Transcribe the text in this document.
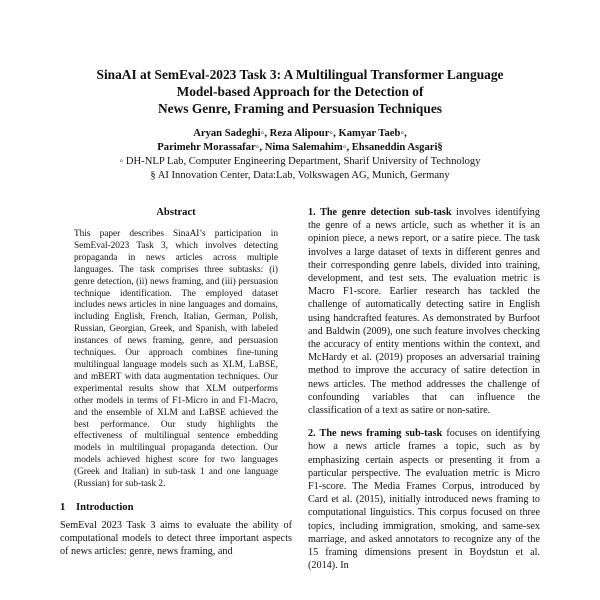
SinaAI at SemEval-2023 Task 3: A Multilingual Transformer Language
Model-based Approach for the Detection of
News Genre, Framing and Persuasion Techniques
Aryan Sadeghi◦, Reza Alipour◦, Kamyar Taeb◦,
Parimehr Morassafar◦, Nima Salemahim◦, Ehsaneddin Asgari§
◦ DH-NLP Lab, Computer Engineering Department, Sharif University of Technology
§ AI Innovation Center, Data:Lab, Volkswagen AG, Munich, Germany
Abstract
This paper describes SinaAI’s participation in SemEval-2023 Task 3, which involves detecting propaganda in news articles across multiple languages. The task comprises three subtasks: (i) genre detection, (ii) news framing, and (iii) persuasion technique identification. The employed dataset includes news articles in nine languages and domains, including English, French, Italian, German, Polish, Russian, Georgian, Greek, and Spanish, with labeled instances of news framing, genre, and persuasion techniques. Our approach combines fine-tuning multilingual language models such as XLM, LaBSE, and mBERT with data augmentation techniques. Our experimental results show that XLM outperforms other models in terms of F1-Micro in and F1-Macro, and the ensemble of XLM and LaBSE achieved the best performance. Our study highlights the effectiveness of multilingual sentence embedding models in multilingual propaganda detection. Our models achieved highest score for two languages (Greek and Italian) in sub-task 1 and one language (Russian) for sub-task 2.
1 Introduction
SemEval 2023 Task 3 aims to evaluate the ability of computational models to detect three important aspects of news articles: genre, news framing, and

1. The genre detection sub-task involves identifying the genre of a news article, such as whether it is an opinion piece, a news report, or a satire piece. The task involves a large dataset of texts in different genres and their corresponding genre labels, divided into training, development, and test sets. The evaluation metric is Macro F1-score. Earlier research has tackled the challenge of automatically detecting satire in English using handcrafted features. As demonstrated by Burfoot and Baldwin (2009), one such feature involves checking the accuracy of entity mentions within the context, and McHardy et al. (2019) proposes an adversarial training method to improve the accuracy of satire detection in news articles. The method addresses the challenge of confounding variables that can influence the classification of a text as satire or non-satire.

2. The news framing sub-task focuses on identifying how a news article frames a topic, such as by emphasizing certain aspects or presenting it from a particular perspective. The evaluation metric is Micro F1-score. The Media Frames Corpus, introduced by Card et al. (2015), initially introduced news framing to computational linguistics. This corpus focused on three topics, including immigration, smoking, and same-sex marriage, and asked annotators to recognize any of the 15 framing dimensions present in Boydstun et al. (2014). In
